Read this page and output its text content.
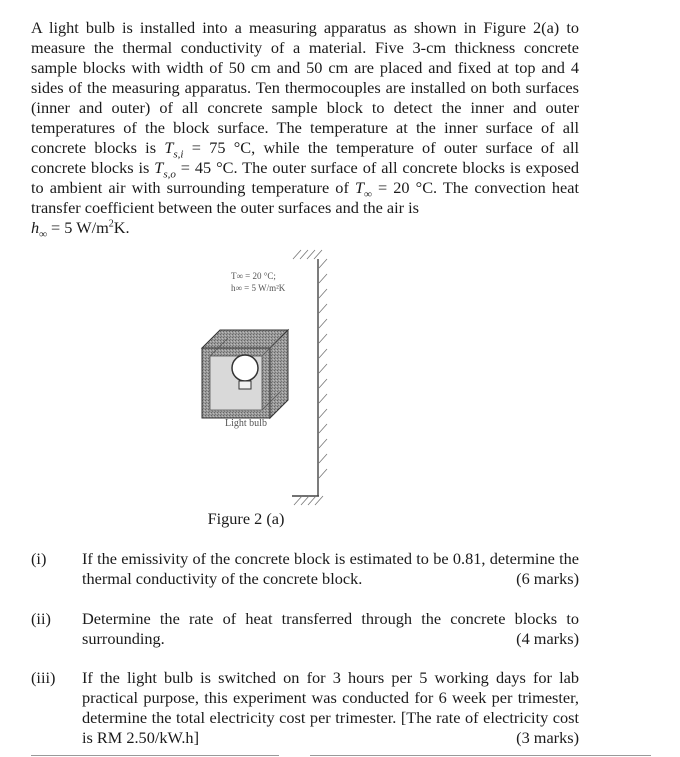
A light bulb is installed into a measuring apparatus as shown in Figure 2(a) to measure the thermal conductivity of a material. Five 3-cm thickness concrete sample blocks with width of 50 cm and 50 cm are placed and fixed at top and 4 sides of the measuring apparatus. Ten thermocouples are installed on both surfaces (inner and outer) of all concrete sample block to detect the inner and outer temperatures of the block surface. The temperature at the inner surface of all concrete blocks is $T_{s,i} = 75$ °C, while the temperature of outer surface of all concrete blocks is $T_{s,o} = 45$ °C. The outer surface of all concrete blocks is exposed to ambient air with surrounding temperature of $T_\infty = 20$ °C. The convection heat transfer coefficient between the outer surfaces and the air is
$h_\infty = 5$ $W/m^2K$.
T∞ = 20 °C;
h∞ = 5 W/m²K
Light bulb
Figure 2 (a)
(i) If the emissivity of the concrete block is estimated to be 0.81, determine the thermal conductivity of the concrete block.	(6 marks)
(ii) Determine the rate of heat transferred through the concrete blocks to surrounding.	(4 marks)
(iii) If the light bulb is switched on for 3 hours per 5 working days for lab practical purpose, this experiment was conducted for 6 week per trimester, determine the total electricity cost per trimester. [The rate of electricity cost is RM 2.50/kW.h]	(3 marks)
